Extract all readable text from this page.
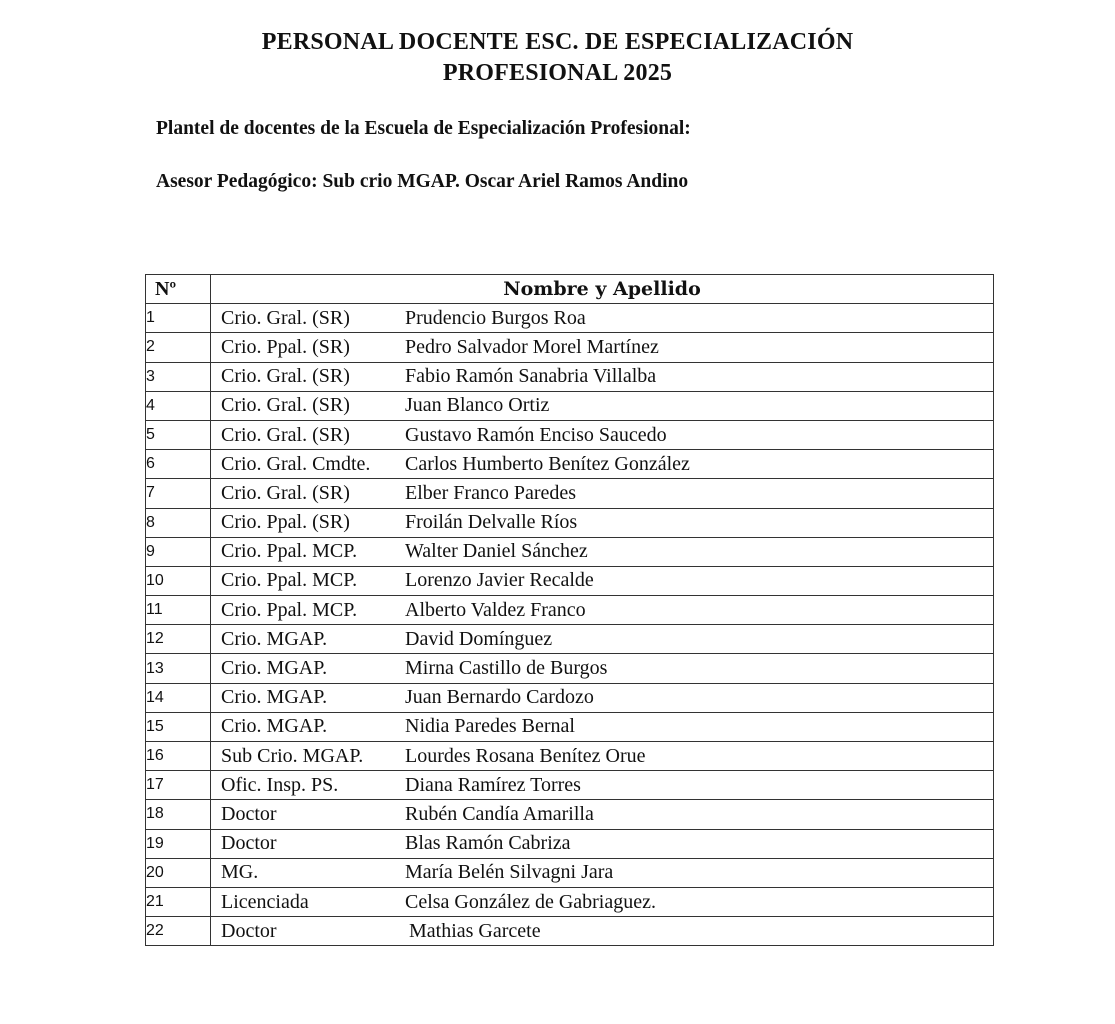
PERSONAL DOCENTE ESC. DE ESPECIALIZACIÓN
PROFESIONAL 2025
Plantel de docentes de la Escuela de Especialización Profesional:
Asesor Pedagógico: Sub crio MGAP. Oscar Ariel Ramos Andino
Nº	Nombre y Apellido
1	Crio. Gral. (SR) Prudencio Burgos Roa
2	Crio. Ppal. (SR) Pedro Salvador Morel Martínez
3	Crio. Gral. (SR) Fabio Ramón Sanabria Villalba
4	Crio. Gral. (SR) Juan Blanco Ortiz
5	Crio. Gral. (SR) Gustavo Ramón Enciso Saucedo
6	Crio. Gral. Cmdte. Carlos Humberto Benítez González
7	Crio. Gral. (SR) Elber Franco Paredes
8	Crio. Ppal. (SR) Froilán Delvalle Ríos
9	Crio. Ppal. MCP. Walter Daniel Sánchez
10	Crio. Ppal. MCP. Lorenzo Javier Recalde
11	Crio. Ppal. MCP. Alberto Valdez Franco
12	Crio. MGAP. David Domínguez
13	Crio. MGAP. Mirna Castillo de Burgos
14	Crio. MGAP. Juan Bernardo Cardozo
15	Crio. MGAP. Nidia Paredes Bernal
16	Sub Crio. MGAP. Lourdes Rosana Benítez Orue
17	Ofic. Insp. PS. Diana Ramírez Torres
18	Doctor Rubén Candía Amarilla
19	Doctor Blas Ramón Cabriza
20	MG. María Belén Silvagni Jara
21	Licenciada Celsa González de Gabriaguez.
22	Doctor Mathias Garcete
